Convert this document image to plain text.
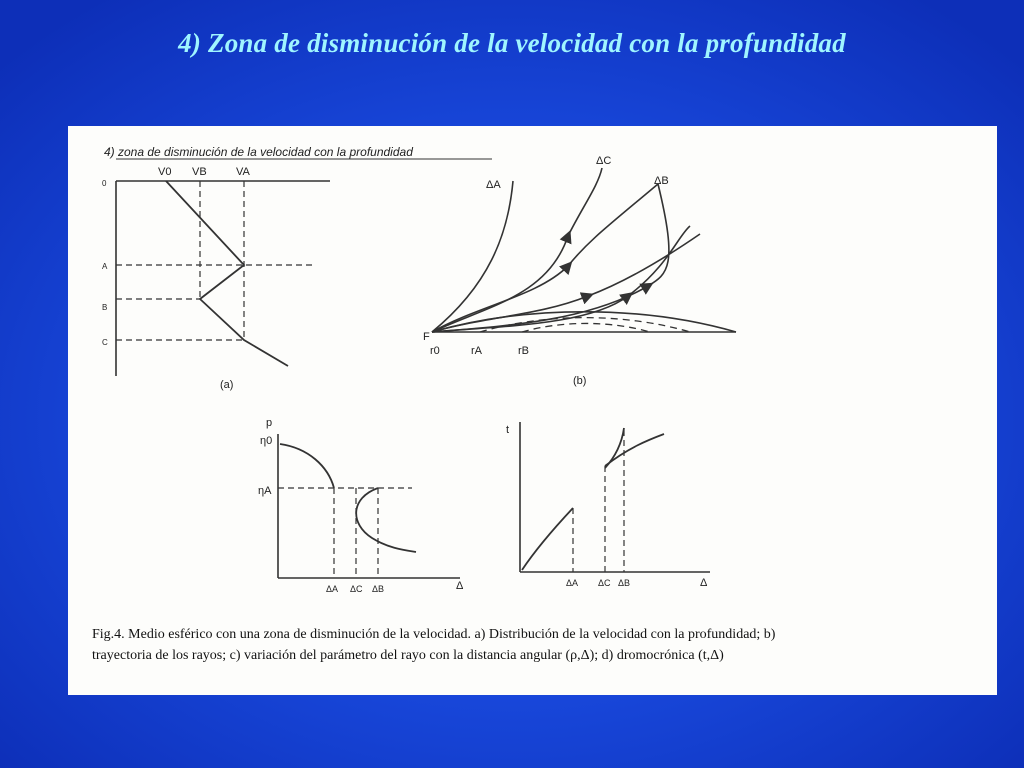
4) Zona de disminución de la velocidad con la profundidad
4) zona de disminución de la velocidad con la profundidad
V0 VB	VA
0
A
B
C
(a)
ΔA
ΔC
ΔB
F
r0	rA	rB
(b)
p
η0
ηA
ΔA ΔC ΔB	Δ
t
ΔA ΔC ΔB	Δ
Fig.4. Medio esférico con una zona de disminución de la velocidad. a) Distribución de la velocidad con la profundidad; b)
trayectoria de los rayos; c) variación del parámetro del rayo con la distancia angular (ρ,Δ); d) dromocrónica (t,Δ)
